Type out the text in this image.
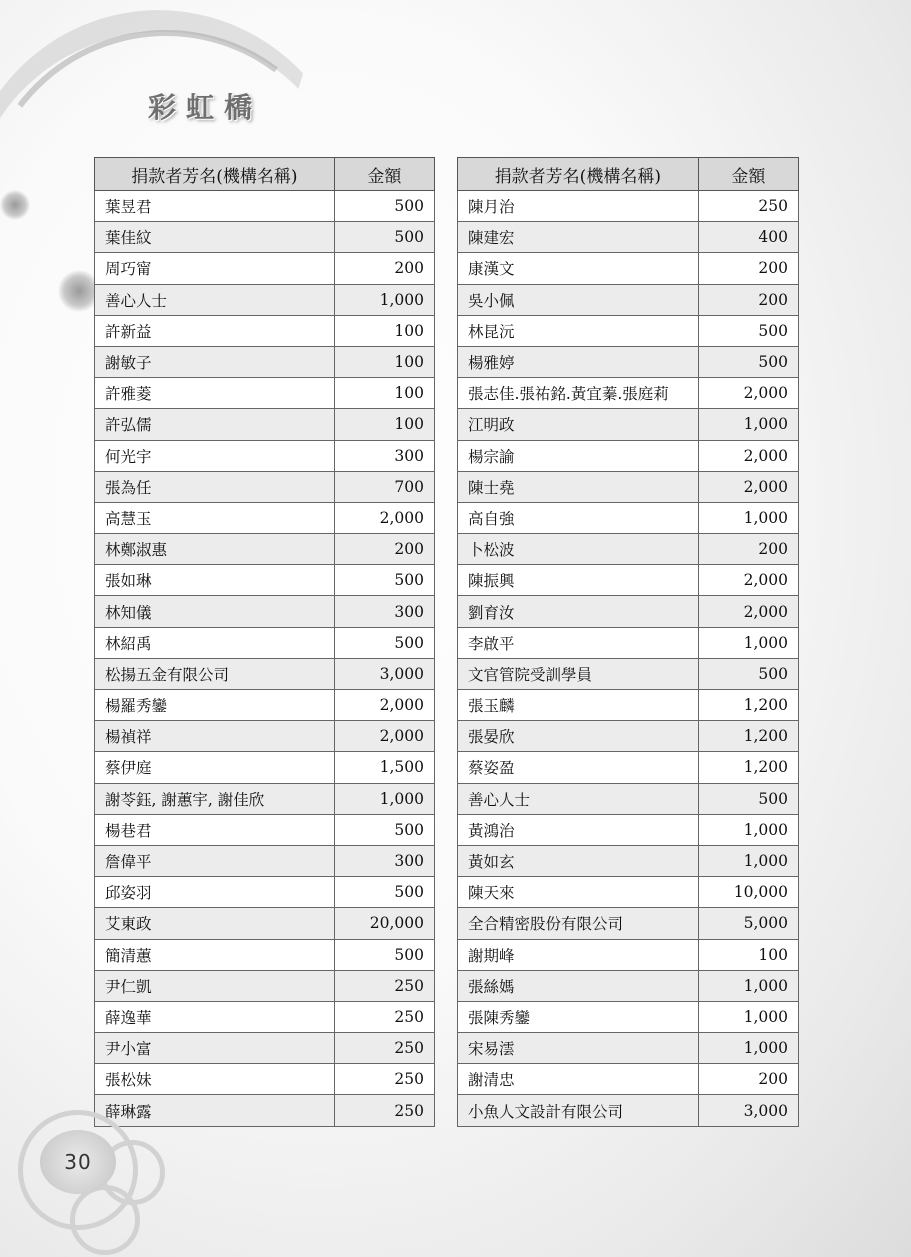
彩虹橋
捐款者芳名(機構名稱)	金額
葉昱君	500
葉佳紋	500
周巧甯	200
善心人士	1,000
許新益	100
謝敏子	100
許雅菱	100
許弘儒	100
何光宇	300
張為任	700
高慧玉	2,000
林鄭淑惠	200
張如琳	500
林知儀	300
林紹禹	500
松揚五金有限公司	3,000
楊羅秀鑾	2,000
楊禎祥	2,000
蔡伊庭	1,500
謝苓鈺, 謝蕙宇, 謝佳欣	1,000
楊巷君	500
詹偉平	300
邱姿羽	500
艾東政	20,000
簡清蕙	500
尹仁凱	250
薛逸華	250
尹小富	250
張松妹	250
薛琳露	250
捐款者芳名(機構名稱)	金額
陳月治	250
陳建宏	400
康漢文	200
吳小佩	200
林昆沅	500
楊雅婷	500
張志佳.張祐銘.黃宜蓁.張庭莉	2,000
江明政	1,000
楊宗諭	2,000
陳士堯	2,000
高自強	1,000
卜松波	200
陳振興	2,000
劉育汝	2,000
李啟平	1,000
文官管院受訓學員	500
張玉麟	1,200
張晏欣	1,200
蔡姿盈	1,200
善心人士	500
黃鴻治	1,000
黃如玄	1,000
陳天來	10,000
全合精密股份有限公司	5,000
謝期峰	100
張絲媽	1,000
張陳秀鑾	1,000
宋易澐	1,000
謝清忠	200
小魚人文設計有限公司	3,000
30
